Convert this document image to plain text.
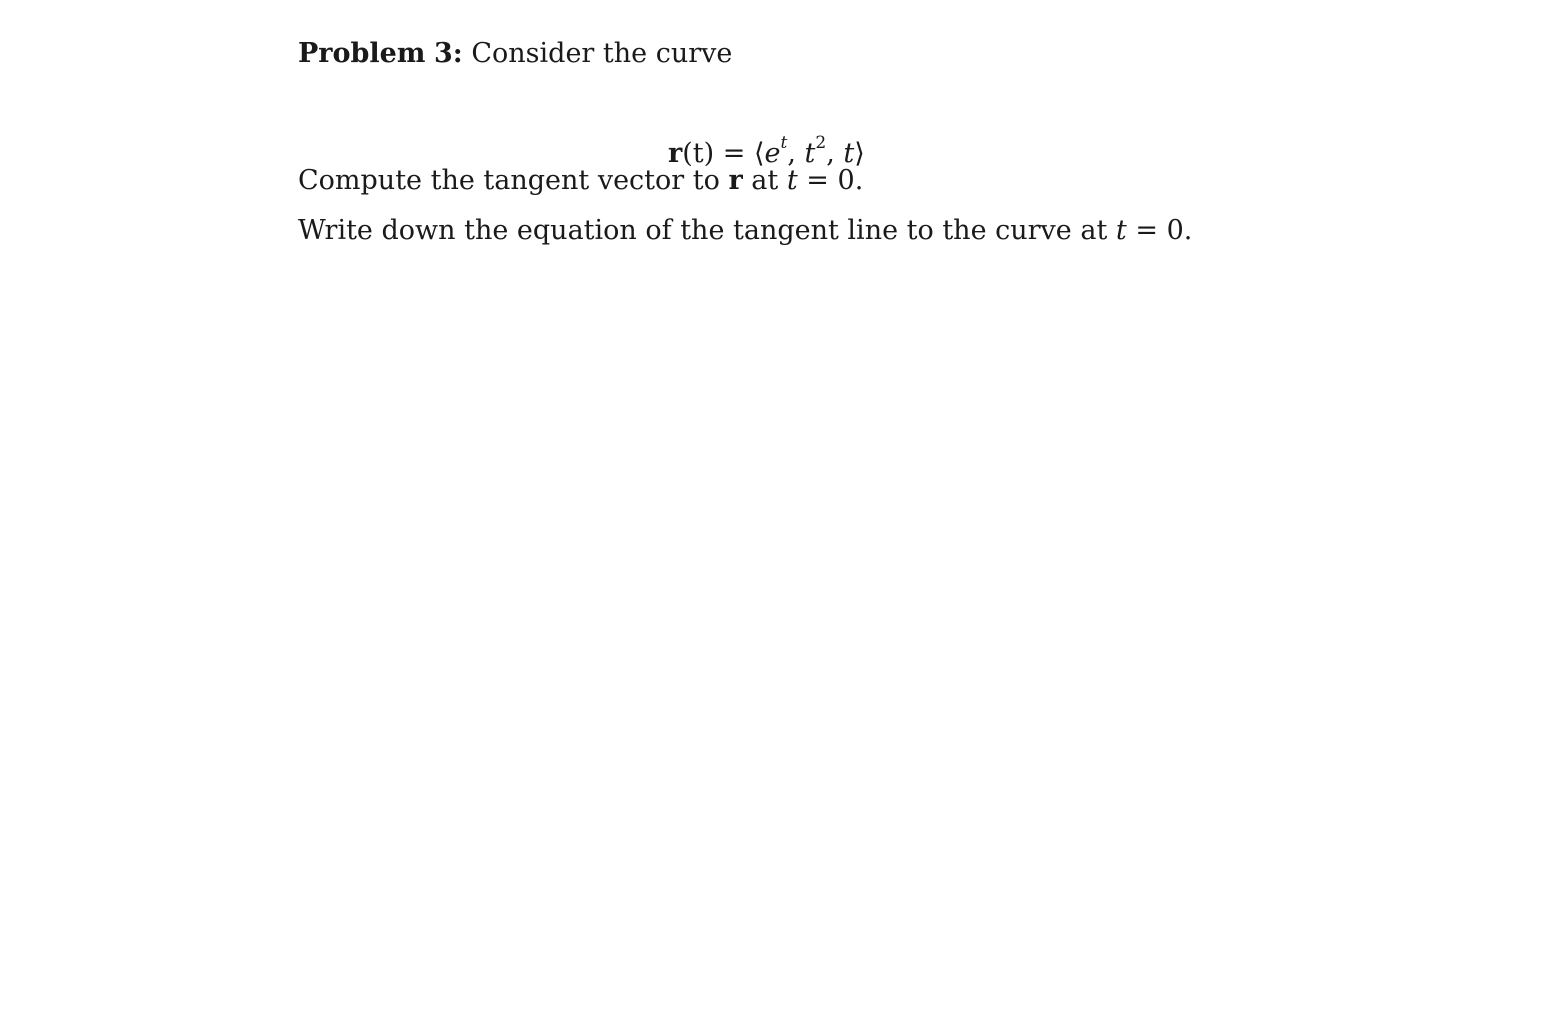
Problem 3: Consider the curve
$r(t) = ⟨e^t$, $t^2$, t⟩
Compute the tangent vector to r at t = 0.
Write down the equation of the tangent line to the curve at t = 0.
